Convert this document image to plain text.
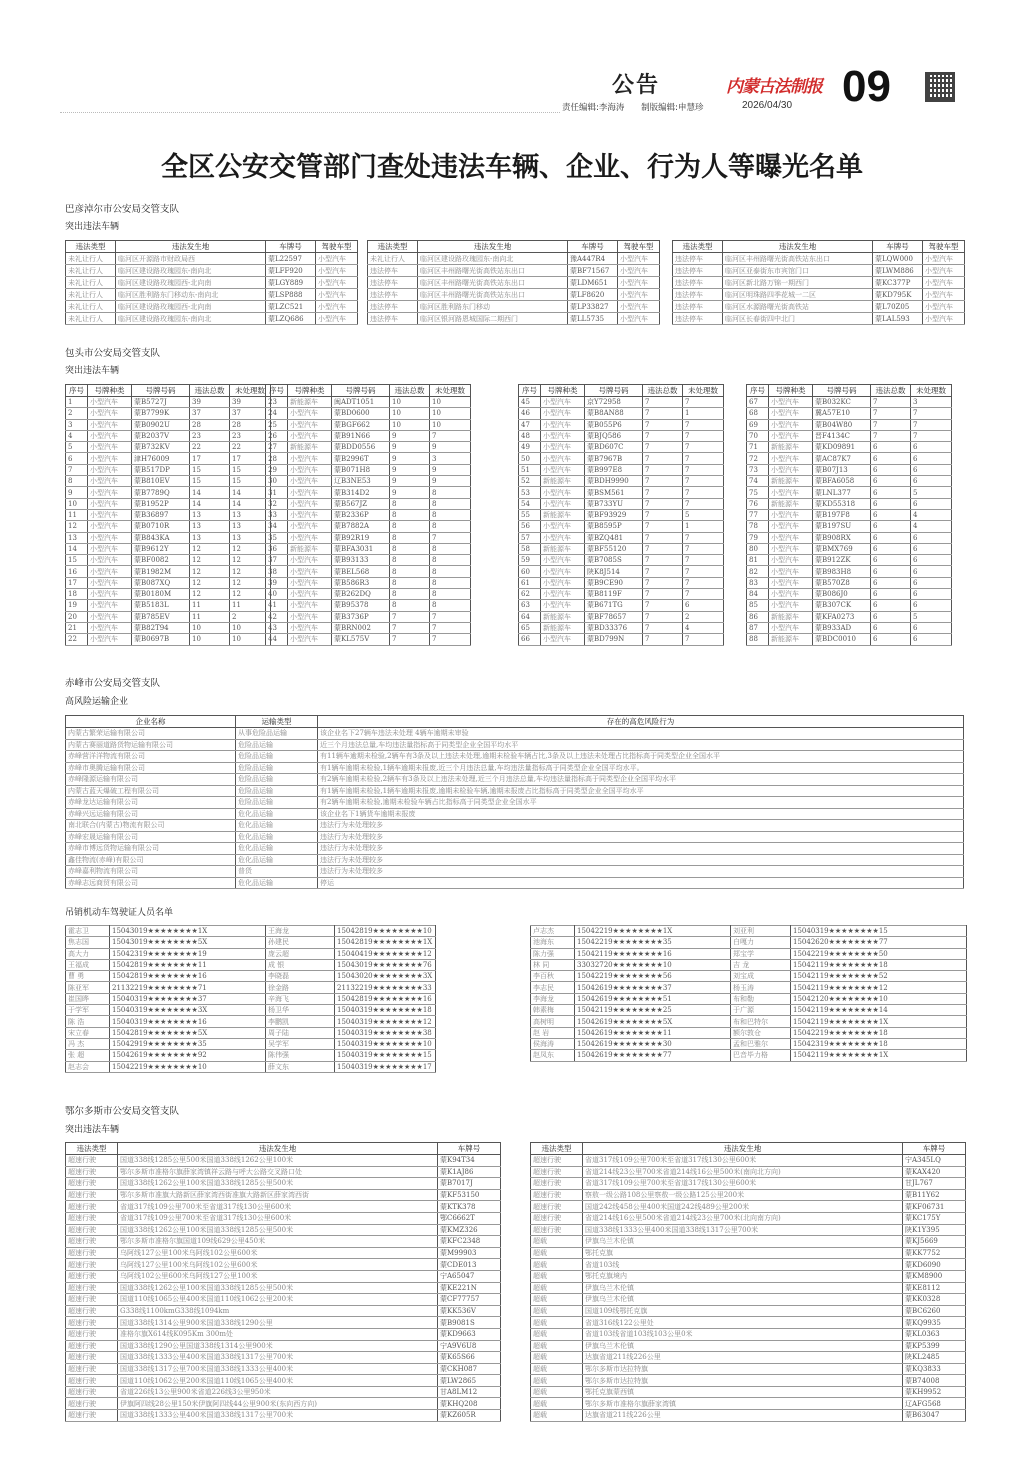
公告	内蒙古法制报 09
责任编辑:李海涛 制版编辑:申慧珍	2026/04/30
全区公安交管部门查处违法车辆、企业、行为人等曝光名单
巴彦淖尔市公安局交管支队
突出违法车辆
违法类型	违法发生地	车牌号	驾驶车型
未礼让行人	临河区开源路市财政局西	蒙L22597	小型汽车
未礼让行人	临河区建设路玫瑰园东-南向北	蒙LFF920	小型汽车
未礼让行人	临河区建设路玫瑰园西-北向南	蒙LGY889	小型汽车
未礼让行人	临河区胜利路东门移动东-南向北	蒙LSP888	小型汽车
未礼让行人	临河区建设路玫瑰园西-北向南	蒙LZC521	小型汽车
未礼让行人	临河区建设路玫瑰园东-南向北	蒙LZQ686	小型汽车
违法类型	违法发生地	车牌号	驾驶车型
未礼让行人	临河区建设路玫瑰园东-南向北	豫A447R4	小型汽车
违法停车	临河区丰州路曙光街高铁站东出口	蒙BF71567	小型汽车
违法停车	临河区丰州路曙光街高铁站东出口	蒙LDM651	小型汽车
违法停车	临河区丰州路曙光街高铁站东出口	蒙LF8620	小型汽车
违法停车	临河区胜利路东门移动	蒙LP33827	小型汽车
违法停车	临河区银河路恩城国际二期西门	蒙LL5735	小型汽车
违法类型	违法发生地	车牌号	驾驶车型
违法停车	临河区丰州路曙光街高铁站东出口	蒙LQW000	小型汽车
违法停车	临河区亚泰街东市宾馆门口	蒙LWM886	小型汽车
违法停车	临河区新北路万锦一期西门	蒙KC377P	小型汽车
违法停车	临河区明珠路四季花城一二区	蒙KD795K	小型汽车
违法停车	临河区水源路曙光街高铁站	蒙L70Z05	小型汽车
违法停车	临河区长春街四中北门	蒙LAL593	小型汽车
包头市公安局交管支队
突出违法车辆
序号	号牌种类	号牌号码	违法总数	未处理数
1	小型汽车	蒙B5727J	39	39
2	小型汽车	蒙B7799K	37	37
3	小型汽车	蒙B0902U	28	28
4	小型汽车	蒙B2037V	23	23
5	小型汽车	蒙B732KV	22	22
6	小型汽车	津H76009	17	17
7	小型汽车	蒙B517DP	15	15
8	小型汽车	蒙B810EV	15	15
9	小型汽车	蒙B7789Q	14	14
10	小型汽车	蒙B1952P	14	14
11	小型汽车	蒙B36897	13	13
12	小型汽车	蒙B0710R	13	13
13	小型汽车	蒙B843KA	13	13
14	小型汽车	蒙B9612Y	12	12
15	小型汽车	蒙BF0082	12	12
16	小型汽车	蒙B1982M	12	12
17	小型汽车	蒙B087XQ	12	12
18	小型汽车	蒙B0180M	12	12
19	小型汽车	蒙B5183L	11	11
20	小型汽车	蒙B785EV	11	2
21	小型汽车	蒙B82T94	10	10
22	小型汽车	蒙B0697B	10	10
序号	号牌种类	号牌号码	违法总数	未处理数
23	新能源车	闽ADT1051	10	10
24	小型汽车	蒙BD0600	10	10
25	小型汽车	蒙BGF662	10	10
26	小型汽车	蒙B91N66	9	7
27	新能源车	蒙BDD0556	9	9
28	小型汽车	蒙B2996T	9	3
29	小型汽车	蒙B071H8	9	9
30	小型汽车	辽B3NE53	9	9
31	小型汽车	蒙B314D2	9	8
32	小型汽车	蒙B567JZ	8	8
33	小型汽车	蒙B2336P	8	8
34	小型汽车	蒙B7882A	8	8
35	小型汽车	蒙B92R19	8	7
36	新能源车	蒙BFA3031	8	8
37	小型汽车	蒙B93133	8	8
38	小型汽车	蒙BEL568	8	8
39	小型汽车	蒙B586R3	8	8
40	小型汽车	蒙B262DQ	8	8
41	小型汽车	蒙B95378	8	8
42	小型汽车	蒙B3736P	7	7
43	小型汽车	蒙BRN002	7	7
44	小型汽车	蒙KL575V	7	7
序号	号牌种类	号牌号码	违法总数	未处理数
45	小型汽车	京Y72958	7	7
46	小型汽车	蒙B8AN88	7	1
47	小型汽车	蒙B055P6	7	7
48	小型汽车	蒙BJQ586	7	7
49	小型汽车	蒙BD607C	7	7
50	小型汽车	蒙B7967B	7	7
51	小型汽车	蒙B997E8	7	7
52	新能源车	蒙BDH9990	7	7
53	小型汽车	蒙BSM561	7	7
54	小型汽车	蒙B733YU	7	7
55	新能源车	蒙BF93929	7	5
56	小型汽车	蒙B8595P	7	1
57	小型汽车	蒙BZQ481	7	7
58	新能源车	蒙BF55120	7	7
59	小型汽车	蒙B7085S	7	7
60	小型汽车	陕K8J514	7	7
61	小型汽车	蒙B9CE90	7	7
62	小型汽车	蒙B8119F	7	7
63	小型汽车	蒙B671TG	7	6
64	新能源车	蒙BF78657	7	2
65	新能源车	蒙BD33376	7	4
66	小型汽车	蒙BD799N	7	7
序号	号牌种类	号牌号码	违法总数	未处理数
67	小型汽车	蒙B032KC	7	3
68	小型汽车	冀A57E10	7	7
69	小型汽车	蒙B04W80	7	7
70	小型汽车	晋F4134C	7	7
71	新能源车	蒙KD09891	6	6
72	小型汽车	蒙AC87K7	6	6
73	小型汽车	蒙B07J13	6	6
74	新能源车	蒙BFA6058	6	6
75	小型汽车	蒙LNL377	6	5
76	新能源车	蒙KD55318	6	6
77	小型汽车	蒙B197F8	6	4
78	小型汽车	蒙B197SU	6	4
79	小型汽车	蒙B908RX	6	6
80	小型汽车	蒙BMX769	6	6
81	小型汽车	蒙B912ZK	6	6
82	小型汽车	蒙B983H8	6	6
83	小型汽车	蒙B570Z8	6	6
84	小型汽车	蒙B086J0	6	6
85	小型汽车	蒙B307CK	6	6
86	新能源车	蒙KFA0273	6	5
87	小型汽车	蒙B933AD	6	6
88	新能源车	蒙BDC0010	6	6
赤峰市公安局交管支队
高风险运输企业
企业名称	运输类型	存在的高危风险行为
内蒙古繁荣运输有限公司	从事危险品运输	该企业名下27辆车违法未处理 4辆车逾期未审验
内蒙古赛丽道路货物运输有限公司	危险品运输	近三个月违法总量,车均违法量指标高于同类型企业全国平均水平
赤峰营洋洋物流有限公司	危险品运输	有11辆车逾期未检验,2辆车有3条及以上违法未处理,逾期未检验车辆占比,3条及以上违法未处理占比指标高于同类型企业全国水平
赤峰市奥腾运输有限公司	危险品运输	有1辆车逾期未检验,1辆车逾期未报废,近三个月违法总量,车均违法量指标高于同类型企业全国平均水平。
赤峰隆源运输有限公司	危险品运输	有2辆车逾期未检验,2辆车有3条及以上违法未处理,近三个月违法总量,车均违法量指标高于同类型企业全国平均水平
内蒙古蓝天爆破工程有限公司	危险品运输	有1辆车逾期未检验,1辆车逾期未报废,逾期未检验车辆,逾期未报废占比指标高于同类型企业全国平均水平
赤峰龙达运输有限公司	危险品运输	有2辆车逾期未检验,逾期未检验车辆占比指标高于同类型企业全国水平
赤峰兴远运输有限公司	危化品运输	该企业名下1辆货车逾期未报废
南北联合(内蒙古)物流有限公司	危化品运输	违法行为未处理较多
赤峰宏晟运输有限公司	危化品运输	违法行为未处理较多
赤峰市博远货物运输有限公司	危化品运输	违法行为未处理较多
鑫佳物流(赤峰)有限公司	危化品运输	违法行为未处理较多
赤峰嘉利物流有限公司	普货	违法行为未处理较多
赤峰志远商贸有限公司	危化品运输	停运
吊销机动车驾驶证人员名单
霍志卫	15043019★★★★★★★★1X	王海龙	15042819★★★★★★★★10
焦志国	15043019★★★★★★★★5X	孙建民	15042819★★★★★★★★1X
高大力	15042319★★★★★★★★19	庞云超	15040419★★★★★★★★12
王福成	15042819★★★★★★★★11	成 银	15043019★★★★★★★★76
曹 勇	15042819★★★★★★★★16	李晓磊	15043020★★★★★★★★3X
陈亚军	21132219★★★★★★★★71	徐金路	21132219★★★★★★★★33
崔国晔	15040319★★★★★★★★37	辛海飞	15042819★★★★★★★★16
于学军	15040319★★★★★★★★3X	杨卫华	15040319★★★★★★★★18
陈 浩	15040319★★★★★★★★16	李鹏凯	15040319★★★★★★★★12
宋立春	15042819★★★★★★★★5X	周子陆	15040319★★★★★★★★38
冯 杰	15042919★★★★★★★★35	吴学军	15040319★★★★★★★★10
张 超	15042619★★★★★★★★92	陈伟强	15040319★★★★★★★★15
赵志会	15042219★★★★★★★★10	薛文东	15040319★★★★★★★★17
卢志杰	15042219★★★★★★★★1X	刘亚利	15040319★★★★★★★★15
池海东	15042219★★★★★★★★35	白嘎力	15042620★★★★★★★★77
陈力强	15042119★★★★★★★★16	郑宝学	15042219★★★★★★★★50
林 同	33032720★★★★★★★★10	吉 龙	15042119★★★★★★★★18
李百秋	15042219★★★★★★★★56	刘宝成	15042119★★★★★★★★52
李志民	15042619★★★★★★★★37	杨玉涛	15042119★★★★★★★★12
李海龙	15042619★★★★★★★★51	布和勒	15042120★★★★★★★★10
韩素梅	15042119★★★★★★★★25	于广源	15042119★★★★★★★★14
高树明	15042619★★★★★★★★5X	布和巴特尔	15042119★★★★★★★★1X
赵 岩	15042619★★★★★★★★11	额尔敦仓	15042219★★★★★★★★18
侯海涛	15042619★★★★★★★★30	孟和巴雅尔	15042319★★★★★★★★18
赵凤东	15042619★★★★★★★★77	巴音毕力格	15042119★★★★★★★★1X
鄂尔多斯市公安局交管支队
突出违法车辆
违法类型	违法发生地	车牌号
超速行驶	国道338线1285公里500米国道338线1262公里100米	蒙K94T34
超速行驶	鄂尔多斯市准格尔旗薛家湾镇祥云路与呼大公路交叉路口处	蒙K1AJ86
超速行驶	国道338线1262公里100米国道338线1285公里500米	蒙B7017J
超速行驶	鄂尔多斯市准旗大路新区薛家湾西街准旗大路新区薛家湾西街	蒙KF53150
超速行驶	省道317线109公里700米至省道317线130公里600米	蒙KTK378
超速行驶	省道317线109公里700米至省道317线130公里600米	鄂C6662T
超速行驶	国道338线1262公里100米国道338线1285公里500米	蒙KMZ326
超速行驶	鄂尔多斯市准格尔旗国道109线629公里450米	蒙KFC2348
超速行驶	乌阿线127公里100米乌阿线102公里600米	蒙M99903
超速行驶	乌阿线127公里100米乌阿线102公里600米	蒙CDE013
超速行驶	乌阿线102公里600米乌阿线127公里100米	宁A65047
超速行驶	国道338线1262公里100米国道338线1285公里500米	蒙KE221N
超速行驶	国道110线1065公里400米国道110线1062公里200米	蒙CF77757
超速行驶	G338线1100kmG338线1094km	蒙KK536V
超速行驶	国道338线1314公里900米国道338线1290公里	蒙B9081S
超速行驶	准格尔旗X614线K095Km 300m处	蒙KD9663
超速行驶	国道338线1290公里国道338线1314公里900米	宁A9V6U8
超速行驶	国道338线1333公里400米国道338线1317公里700米	蒙K65S66
超速行驶	国道338线1317公里700米国道338线1333公里400米	蒙CKH087
超速行驶	国道110线1062公里200米国道110线1065公里400米	蒙LW2865
超速行驶	省道226线13公里900米省道226线3公里950米	甘A8LM12
超速行驶	伊旗阿四线28公里150米伊旗阿四线44公里900米(东向西方向)	蒙KHQ208
超速行驶	国道338线1333公里400米国道338线1317公里700米	蒙KZ605R
违法类型	违法发生地	车牌号
超速行驶	省道317线109公里700米至省道317线130公里600米	宁A345LQ
超速行驶	省道214线23公里700米省道214线16公里500米(南向北方向)	蒙KAX420
超速行驶	省道317线109公里700米至省道317线130公里600米	甘JL767
超速行驶	察敖一级公路108公里察敖一级公路125公里200米	蒙B11Y62
超速行驶	国道242线458公里400米国道242线489公里200米	蒙KF06731
超速行驶	省道214线16公里500米省道214线23公里700米(北向南方向)	蒙KC175Y
超速行驶	国道338线1333公里400米国道338线1317公里700米	陕K1Y395
超载	伊旗乌兰木伦镇	蒙KJ5669
超载	鄂托克旗	蒙KK7752
超载	省道103线	蒙KD6090
超载	鄂托克旗境内	蒙KM8900
超载	伊旗乌兰木伦镇	蒙KE8112
超载	伊旗乌兰木伦镇	蒙KK0328
超载	国道109线鄂托克旗	蒙BC6260
超载	省道316线122公里处	蒙KQ9935
超载	省道103线省道103线103公里0米	蒙KL0363
超载	伊旗乌兰木伦镇	蒙KP5399
超载	达旗省道211线226公里	陕KL2485
超载	鄂尔多斯市达拉特旗	蒙KQ3833
超载	鄂尔多斯市达拉特旗	蒙B74008
超载	鄂托克旗蒙西镇	蒙KH9952
超载	鄂尔多斯市准格尔旗薛家湾镇	辽AFG568
超载	达旗省道211线226公里	蒙B63047
